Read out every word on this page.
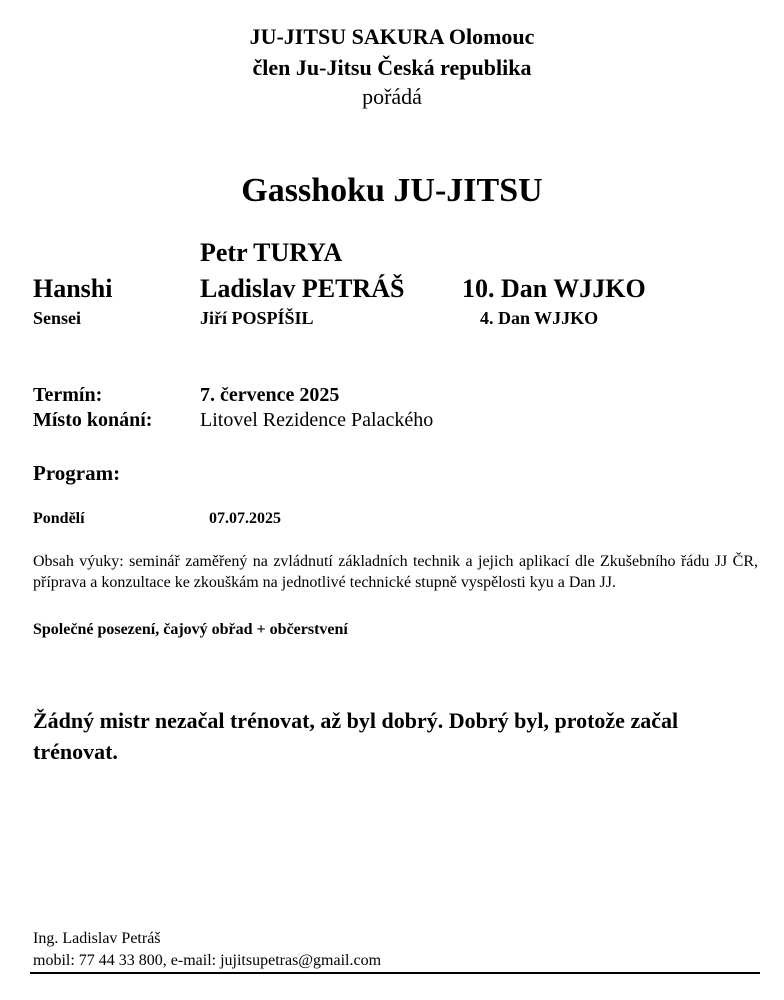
JU-JITSU SAKURA Olomouc
člen Ju-Jitsu Česká republika
pořádá
Gasshoku JU-JITSU
Petr TURYA
Hanshi	Ladislav PETRÁŠ 10. Dan WJJKO
Sensei	Jiří POSPÍŠIL	4. Dan WJJKO
Termín:	7. července 2025
Místo konání: Litovel Rezidence Palackého
Program:
Pondělí	07.07.2025
Obsah výuky: seminář zaměřený na zvládnutí základních technik a jejich aplikací dle Zkušebního řádu JJ ČR, příprava a konzultace ke zkouškám na jednotlivé technické stupně vyspělosti kyu a Dan JJ.
Společné posezení, čajový obřad + občerstvení
Žádný mistr nezačal trénovat, až byl dobrý. Dobrý byl, protože začal trénovat.
Ing. Ladislav Petráš
mobil: 77 44 33 800, e-mail: jujitsupetras@gmail.com
